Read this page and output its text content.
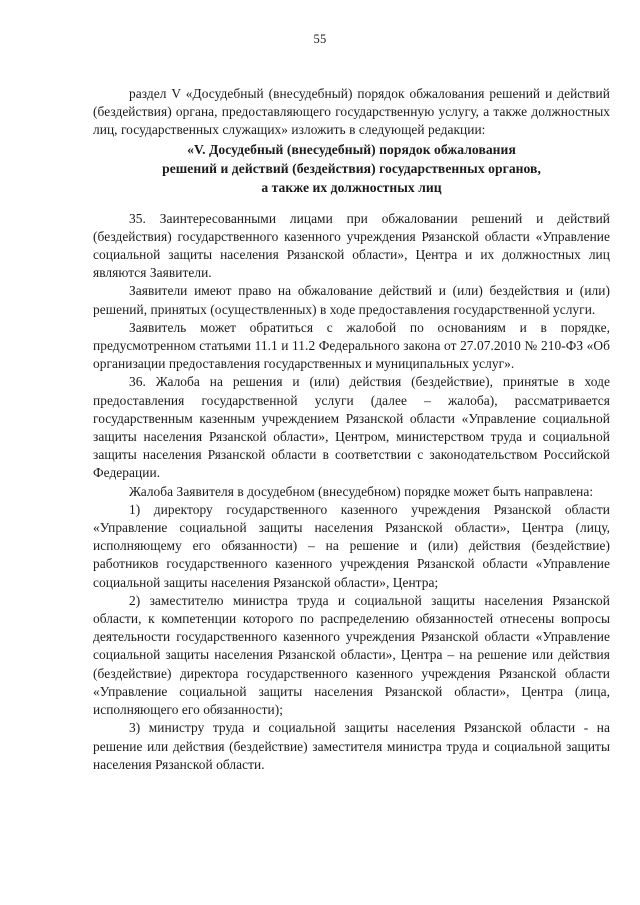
55

раздел V «Досудебный (внесудебный) порядок обжалования решений и действий (бездействия) органа, предоставляющего государственную услугу, а также должностных лиц, государственных служащих» изложить в следующей редакции:

«V. Досудебный (внесудебный) порядок обжалования
решений и действий (бездействия) государственных органов,
а также их должностных лиц

35. Заинтересованными лицами при обжаловании решений и действий (бездействия) государственного казенного учреждения Рязанской области «Управление социальной защиты населения Рязанской области», Центра и их должностных лиц являются Заявители.

Заявители имеют право на обжалование действий и (или) бездействия и (или) решений, принятых (осуществленных) в ходе предоставления государственной услуги.

Заявитель может обратиться с жалобой по основаниям и в порядке, предусмотренном статьями 11.1 и 11.2 Федерального закона от 27.07.2010 № 210-ФЗ «Об организации предоставления государственных и муниципальных услуг».

36. Жалоба на решения и (или) действия (бездействие), принятые в ходе предоставления государственной услуги (далее – жалоба), рассматривается государственным казенным учреждением Рязанской области «Управление социальной защиты населения Рязанской области», Центром, министерством труда и социальной защиты населения Рязанской области в соответствии с законодательством Российской Федерации.

Жалоба Заявителя в досудебном (внесудебном) порядке может быть направлена:

1) директору государственного казенного учреждения Рязанской области «Управление социальной защиты населения Рязанской области», Центра (лицу, исполняющему его обязанности) – на решение и (или) действия (бездействие) работников государственного казенного учреждения Рязанской области «Управление социальной защиты населения Рязанской области», Центра;

2) заместителю министра труда и социальной защиты населения Рязанской области, к компетенции которого по распределению обязанностей отнесены вопросы деятельности государственного казенного учреждения Рязанской области «Управление социальной защиты населения Рязанской области», Центра – на решение или действия (бездействие) директора государственного казенного учреждения Рязанской области «Управление социальной защиты населения Рязанской области», Центра (лица, исполняющего его обязанности);

3) министру труда и социальной защиты населения Рязанской области - на решение или действия (бездействие) заместителя министра труда и социальной защиты населения Рязанской области.
